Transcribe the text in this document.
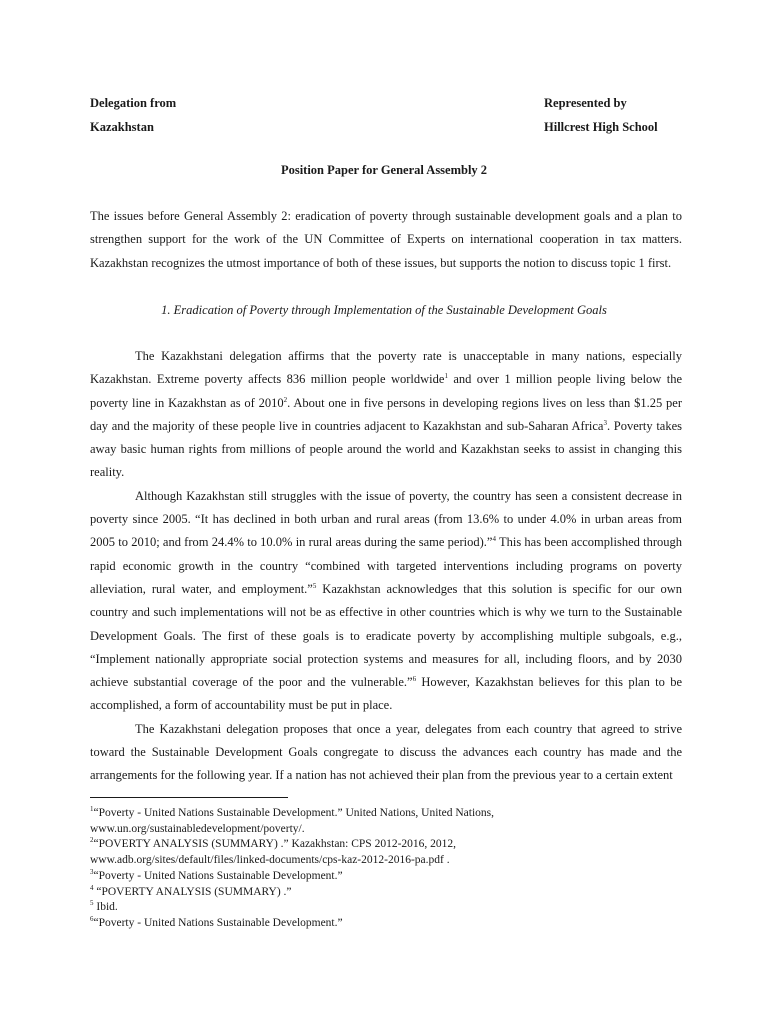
Delegation from
Kazakhstan
Represented by
Hillcrest High School
Position Paper for General Assembly 2

The issues before General Assembly 2: eradication of poverty through sustainable development goals and a plan to strengthen support for the work of the UN Committee of Experts on international cooperation in tax matters. Kazakhstan recognizes the utmost importance of both of these issues, but supports the notion to discuss topic 1 first.

1. Eradication of Poverty through Implementation of the Sustainable Development Goals

The Kazakhstani delegation affirms that the poverty rate is unacceptable in many nations, especially Kazakhstan. Extreme poverty affects 836 million people worldwide$^1$ and over 1 million people living below the poverty line in Kazakhstan as of 2010$^2$. About one in five persons in developing regions lives on less than $1.25 per day and the majority of these people live in countries adjacent to Kazakhstan and sub-Saharan Africa$^3$. Poverty takes away basic human rights from millions of people around the world and Kazakhstan seeks to assist in changing this reality.

Although Kazakhstan still struggles with the issue of poverty, the country has seen a consistent decrease in poverty since 2005. “It has declined in both urban and rural areas (from 13.6% to under 4.0% in urban areas from 2005 to 2010; and from 24.4% to 10.0% in rural areas during the same period).”$^4$ This has been accomplished through rapid economic growth in the country “combined with targeted interventions including programs on poverty alleviation, rural water, and employment.”$^5$ Kazakhstan acknowledges that this solution is specific for our own country and such implementations will not be as effective in other countries which is why we turn to the Sustainable Development Goals. The first of these goals is to eradicate poverty by accomplishing multiple subgoals, e.g., “Implement nationally appropriate social protection systems and measures for all, including floors, and by 2030 achieve substantial coverage of the poor and the vulnerable.”$^6$ However, Kazakhstan believes for this plan to be accomplished, a form of accountability must be put in place.

The Kazakhstani delegation proposes that once a year, delegates from each country that agreed to strive toward the Sustainable Development Goals congregate to discuss the advances each country has made and the arrangements for the following year. If a nation has not achieved their plan from the previous year to a certain extent

$^1$“Poverty - United Nations Sustainable Development.” United Nations, United Nations,
www.un.org/sustainabledevelopment/poverty/.
$^2$“POVERTY ANALYSIS (SUMMARY) .” Kazakhstan: CPS 2012-2016, 2012,
www.adb.org/sites/default/files/linked-documents/cps-kaz-2012-2016-pa.pdf .
$^3$“Poverty - United Nations Sustainable Development.”
$^4$ “POVERTY ANALYSIS (SUMMARY) .”
$^5$ Ibid.
$^6$“Poverty - United Nations Sustainable Development.”
